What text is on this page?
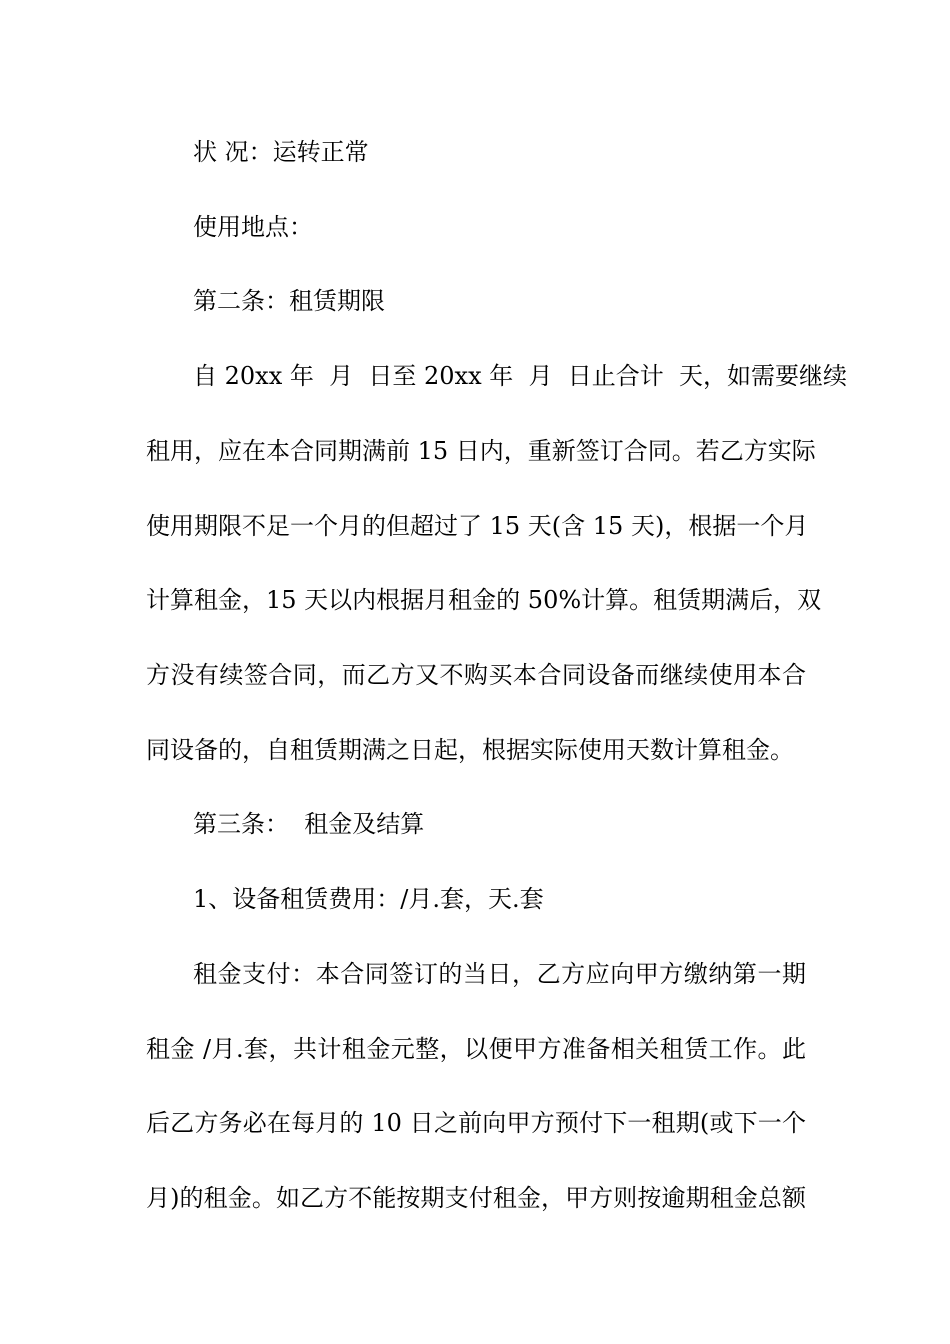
状 况：运转正常

使用地点：

第二条：租赁期限

自 20xx 年  月  日至 20xx 年  月  日止合计  天，如需要继续

租用，应在本合同期满前 15 日内，重新签订合同。若乙方实际

使用期限不足一个月的但超过了 15 天(含 15 天)，根据一个月

计算租金，15 天以内根据月租金的 50%计算。租赁期满后，双

方没有续签合同，而乙方又不购买本合同设备而继续使用本合

同设备的，自租赁期满之日起，根据实际使用天数计算租金。

第三条：  租金及结算

1、设备租赁费用：/月.套，天.套

租金支付：本合同签订的当日，乙方应向甲方缴纳第一期

租金 /月.套，共计租金元整，以便甲方准备相关租赁工作。此

后乙方务必在每月的 10 日之前向甲方预付下一租期(或下一个

月)的租金。如乙方不能按期支付租金，甲方则按逾期租金总额
